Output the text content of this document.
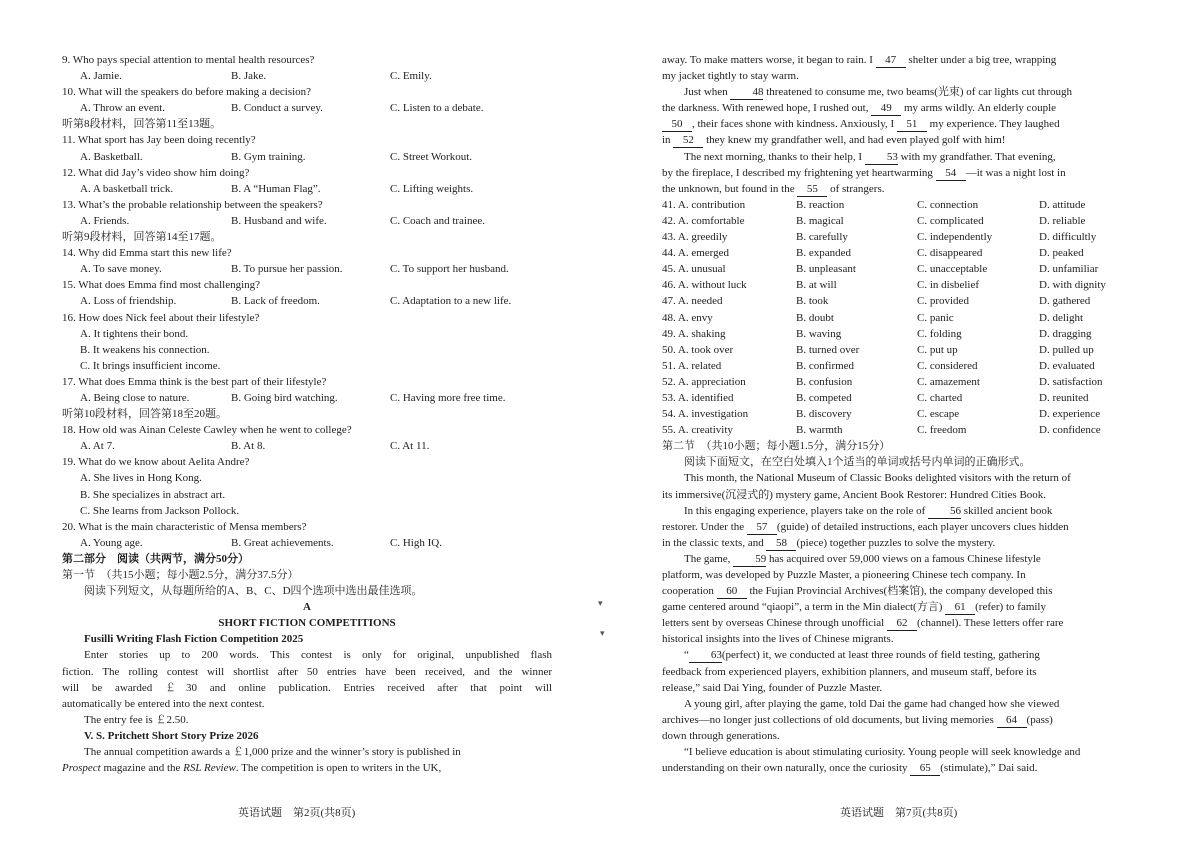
9. Who pays special attention to mental health resources?
A. Jamie.	B. Jake.	C. Emily.
10. What will the speakers do before making a decision?
A. Throw an event.	B. Conduct a survey.	C. Listen to a debate.
听第8段材料，回答第11至13题。
11. What sport has Jay been doing recently?
A. Basketball.	B. Gym training.	C. Street Workout.
12. What did Jay’s video show him doing?
A. A basketball trick.	B. A “Human Flag”.	C. Lifting weights.
13. What’s the probable relationship between the speakers?
A. Friends.	B. Husband and wife.	C. Coach and trainee.
听第9段材料，回答第14至17题。
14. Why did Emma start this new life?
A. To save money.	B. To pursue her passion.	C. To support her husband.
15. What does Emma find most challenging?
A. Loss of friendship.	B. Lack of freedom.	C. Adaptation to a new life.
16. How does Nick feel about their lifestyle?
A. It tightens their bond.
B. It weakens his connection.
C. It brings insufficient income.
17. What does Emma think is the best part of their lifestyle?
A. Being close to nature.	B. Going bird watching.	C. Having more free time.
听第10段材料，回答第18至20题。
18. How old was Ainan Celeste Cawley when he went to college?
A. At 7.	B. At 8.	C. At 11.
19. What do we know about Aelita Andre?
A. She lives in Hong Kong.
B. She specializes in abstract art.
C. She learns from Jackson Pollock.
20. What is the main characteristic of Mensa members?
A. Young age.	B. Great achievements.	C. High IQ.
第二部分　阅读（共两节，满分50分）
第一节　（共15小题；每小题2.5分，满分37.5分）
阅读下列短文，从每题所给的A、B、C、D四个选项中选出最佳选项。
A
SHORT FICTION COMPETITIONS
Fusilli Writing Flash Fiction Competition 2025
Enter stories up to 200 words. This contest is only for original, unpublished flash
fiction. The rolling contest will shortlist after 50 entries have been received, and the winner
will be awarded ￡30 and online publication. Entries received after that point will
automatically be entered into the next contest.
The entry fee is ￡2.50.
V. S. Pritchett Short Story Prize 2026
The annual competition awards a ￡1,000 prize and the winner’s story is published in
Prospect magazine and the RSL Review. The competition is open to writers in the UK,
英语试题　第2页(共8页)
away. To make matters worse, it began to rain. I 47 shelter under a big tree, wrapping
my jacket tightly to stay warm.
Just when 48 threatened to consume me, two beams(光束) of car lights cut through
the darkness. With renewed hope, I rushed out, 49 my arms wildly. An elderly couple
50 , their faces shone with kindness. Anxiously, I 51 my experience. They laughed
in 52 they knew my grandfather well, and had even played golf with him!
The next morning, thanks to their help, I 53 with my grandfather. That evening,
by the fireplace, I described my frightening yet heartwarming 54 —it was a night lost in
the unknown, but found in the 55 of strangers.
41. A. contribution	B. reaction	C. connection	D. attitude
42. A. comfortable	B. magical	C. complicated	D. reliable
43. A. greedily	B. carefully	C. independently	D. difficultly
44. A. emerged	B. expanded	C. disappeared	D. peaked
45. A. unusual	B. unpleasant	C. unacceptable	D. unfamiliar
46. A. without luck	B. at will	C. in disbelief	D. with dignity
47. A. needed	B. took	C. provided	D. gathered
48. A. envy	B. doubt	C. panic	D. delight
49. A. shaking	B. waving	C. folding	D. dragging
50. A. took over	B. turned over	C. put up	D. pulled up
51. A. related	B. confirmed	C. considered	D. evaluated
52. A. appreciation	B. confusion	C. amazement	D. satisfaction
53. A. identified	B. competed	C. charted	D. reunited
54. A. investigation	B. discovery	C. escape	D. experience
55. A. creativity	B. warmth	C. freedom	D. confidence
第二节　（共10小题；每小题1.5分，满分15分）
阅读下面短文，在空白处填入1个适当的单词或括号内单词的正确形式。
This month, the National Museum of Classic Books delighted visitors with the return of
its immersive(沉浸式的) mystery game, Ancient Book Restorer: Hundred Cities Book.
In this engaging experience, players take on the role of 56 skilled ancient book
restorer. Under the 57 (guide) of detailed instructions, each player uncovers clues hidden
in the classic texts, and 58 (piece) together puzzles to solve the mystery.
The game, 59 has acquired over 59,000 views on a famous Chinese lifestyle
platform, was developed by Puzzle Master, a pioneering Chinese tech company. In
cooperation 60 the Fujian Provincial Archives(档案馆), the company developed this
game centered around “qiaopi”, a term in the Min dialect(方言) 61 (refer) to family
letters sent by overseas Chinese through unofficial 62 (channel). These letters offer rare
historical insights into the lives of Chinese migrants.
“ 63(perfect) it, we conducted at least three rounds of field testing, gathering
feedback from experienced players, exhibition planners, and museum staff, before its
release,” said Dai Ying, founder of Puzzle Master.
A young girl, after playing the game, told Dai the game had changed how she viewed
archives—no longer just collections of old documents, but living memories 64 (pass)
down through generations.
“I believe education is about stimulating curiosity. Young people will seek knowledge and
understanding on their own naturally, once the curiosity 65 (stimulate),” Dai said.
英语试题　第7页(共8页)
▾
▾
